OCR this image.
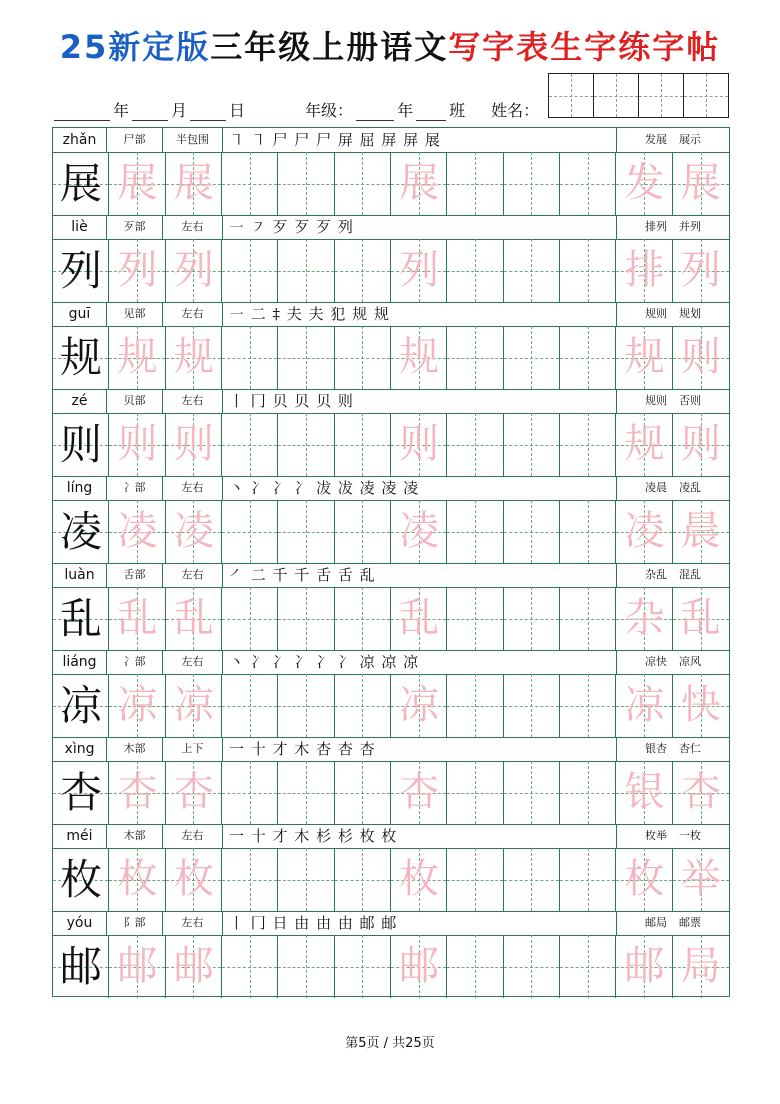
25新定版三年级上册语文写字表生字练字帖
年	月	日	年级：	年 班 姓名：
zhǎn	尸部	半包围	㇕ ㇕ 尸 尸 尸 屏 屈 屏 屏 展	发展 展示
展 展 展	展	发 展
liè	歹部	左右	㇐ ㇇ 歹 歹 歹 列	排列 并列
列 列 列	列	排 列
guī	见部	左右	㇐ 二 ‡ 夫 夫 犯 规 规	规则 规划
规 规 规	规	规 则
zé	贝部	左右	丨 冂 贝 贝 贝 则	规则 否则
则 则 则	则	规 则
líng	冫部	左右	丶 冫 冫 冫 冹 冹 凌 凌 凌	凌晨 凌乱
凌 凌 凌	凌	凌 晨
luàn	舌部	左右	㇒ 二 千 千 舌 舌 乱	杂乱 混乱
乱 乱 乱	乱	杂 乱
liáng	冫部	左右	丶 冫 冫 冫 冫 冫 凉 凉 凉	凉快 凉风
凉 凉 凉	凉	凉 快
xìng	木部	上下	一 十 才 木 杏 杏 杏	银杏 杏仁
杏 杏 杏	杏	银 杏
méi	木部	左右	一 十 才 木 杉 杉 枚 枚	枚举 一枚
枚 枚 枚	枚	枚 举
yóu	阝部	左右	丨 冂 日 由 由 由 邮 邮	邮局 邮票
邮 邮 邮	邮	邮 局
第5页 / 共25页
